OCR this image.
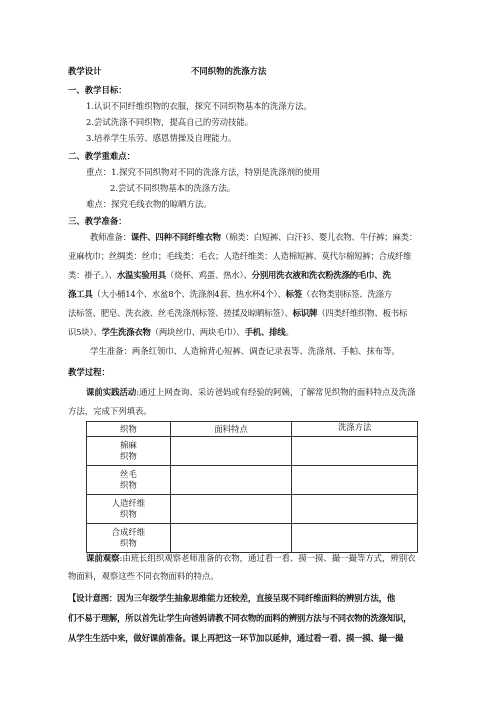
教学设计	不同织物的洗涤方法
一、教学目标：
1.认识不同纤维织物的衣服，探究不同织物基本的洗涤方法。
2.尝试洗涤不同织物，提高自己的劳动技能。
3.培养学生乐劳、感恩情操及自理能力。
二、教学重难点：
重点：1.探究不同织物对不同的洗涤方法，特别是洗涤剂的使用
2.尝试不同织物基本的洗涤方法。
难点：探究毛线衣物的晾晒方法。
三、教学准备：
教师准备：课件、四种不同纤维衣物（棉类：白短裤、白汗衫、婴儿衣物、牛仔裤；麻类：
亚麻枕巾；丝绸类：丝巾；毛线类：毛衣；人造纤维类：人造棉短裤、莫代尔棉短裤；合成纤维
类：褂子。）、水温实验用具（烧杯、鸡蛋、热水）、分别用洗衣液和洗衣粉洗涤的毛巾、洗
涤工具（大小桶14个、水盆8个、洗涤剂4套、热水杯4个）、标签（衣物类别标签、洗涤方
法标签、肥皂、洗衣液、丝毛洗涤剂标签、搓揉及晾晒标签）、标识牌（四类纤维织物、板书标
识5块）、学生洗涤衣物（两块丝巾、两块毛巾）、手机、排线。
学生准备：两条红领巾、人造棉背心短裤、调查记录表等、洗涤剂、手帕、抹布等。
教学过程：
课前实践活动:通过上网查询、采访爸妈或有经验的阿姨，了解常见织物的面料特点及洗涤
方法，完成下列填表。
织物	面料特点	洗涤方法

棉麻
织物		

丝毛
织物		

人造纤维
织物		

合成纤维
织物		

课前观察:由班长组织观察老师准备的衣物，通过看一看、摸一摸、撮一撮等方式，辨别衣
物面料，观察这些不同衣物面料的特点。
【设计意图：因为三年级学生抽象思维能力还较差，直接呈现不同纤维面料的辨别方法，他
们不易于理解，所以首先让学生向爸妈请教不同衣物的面料的辨别方法与不同衣物的洗涤知识，
从学生生活中来，做好课前准备。课上再把这一环节加以延伸，通过看一看、摸一摸、撮一撮
